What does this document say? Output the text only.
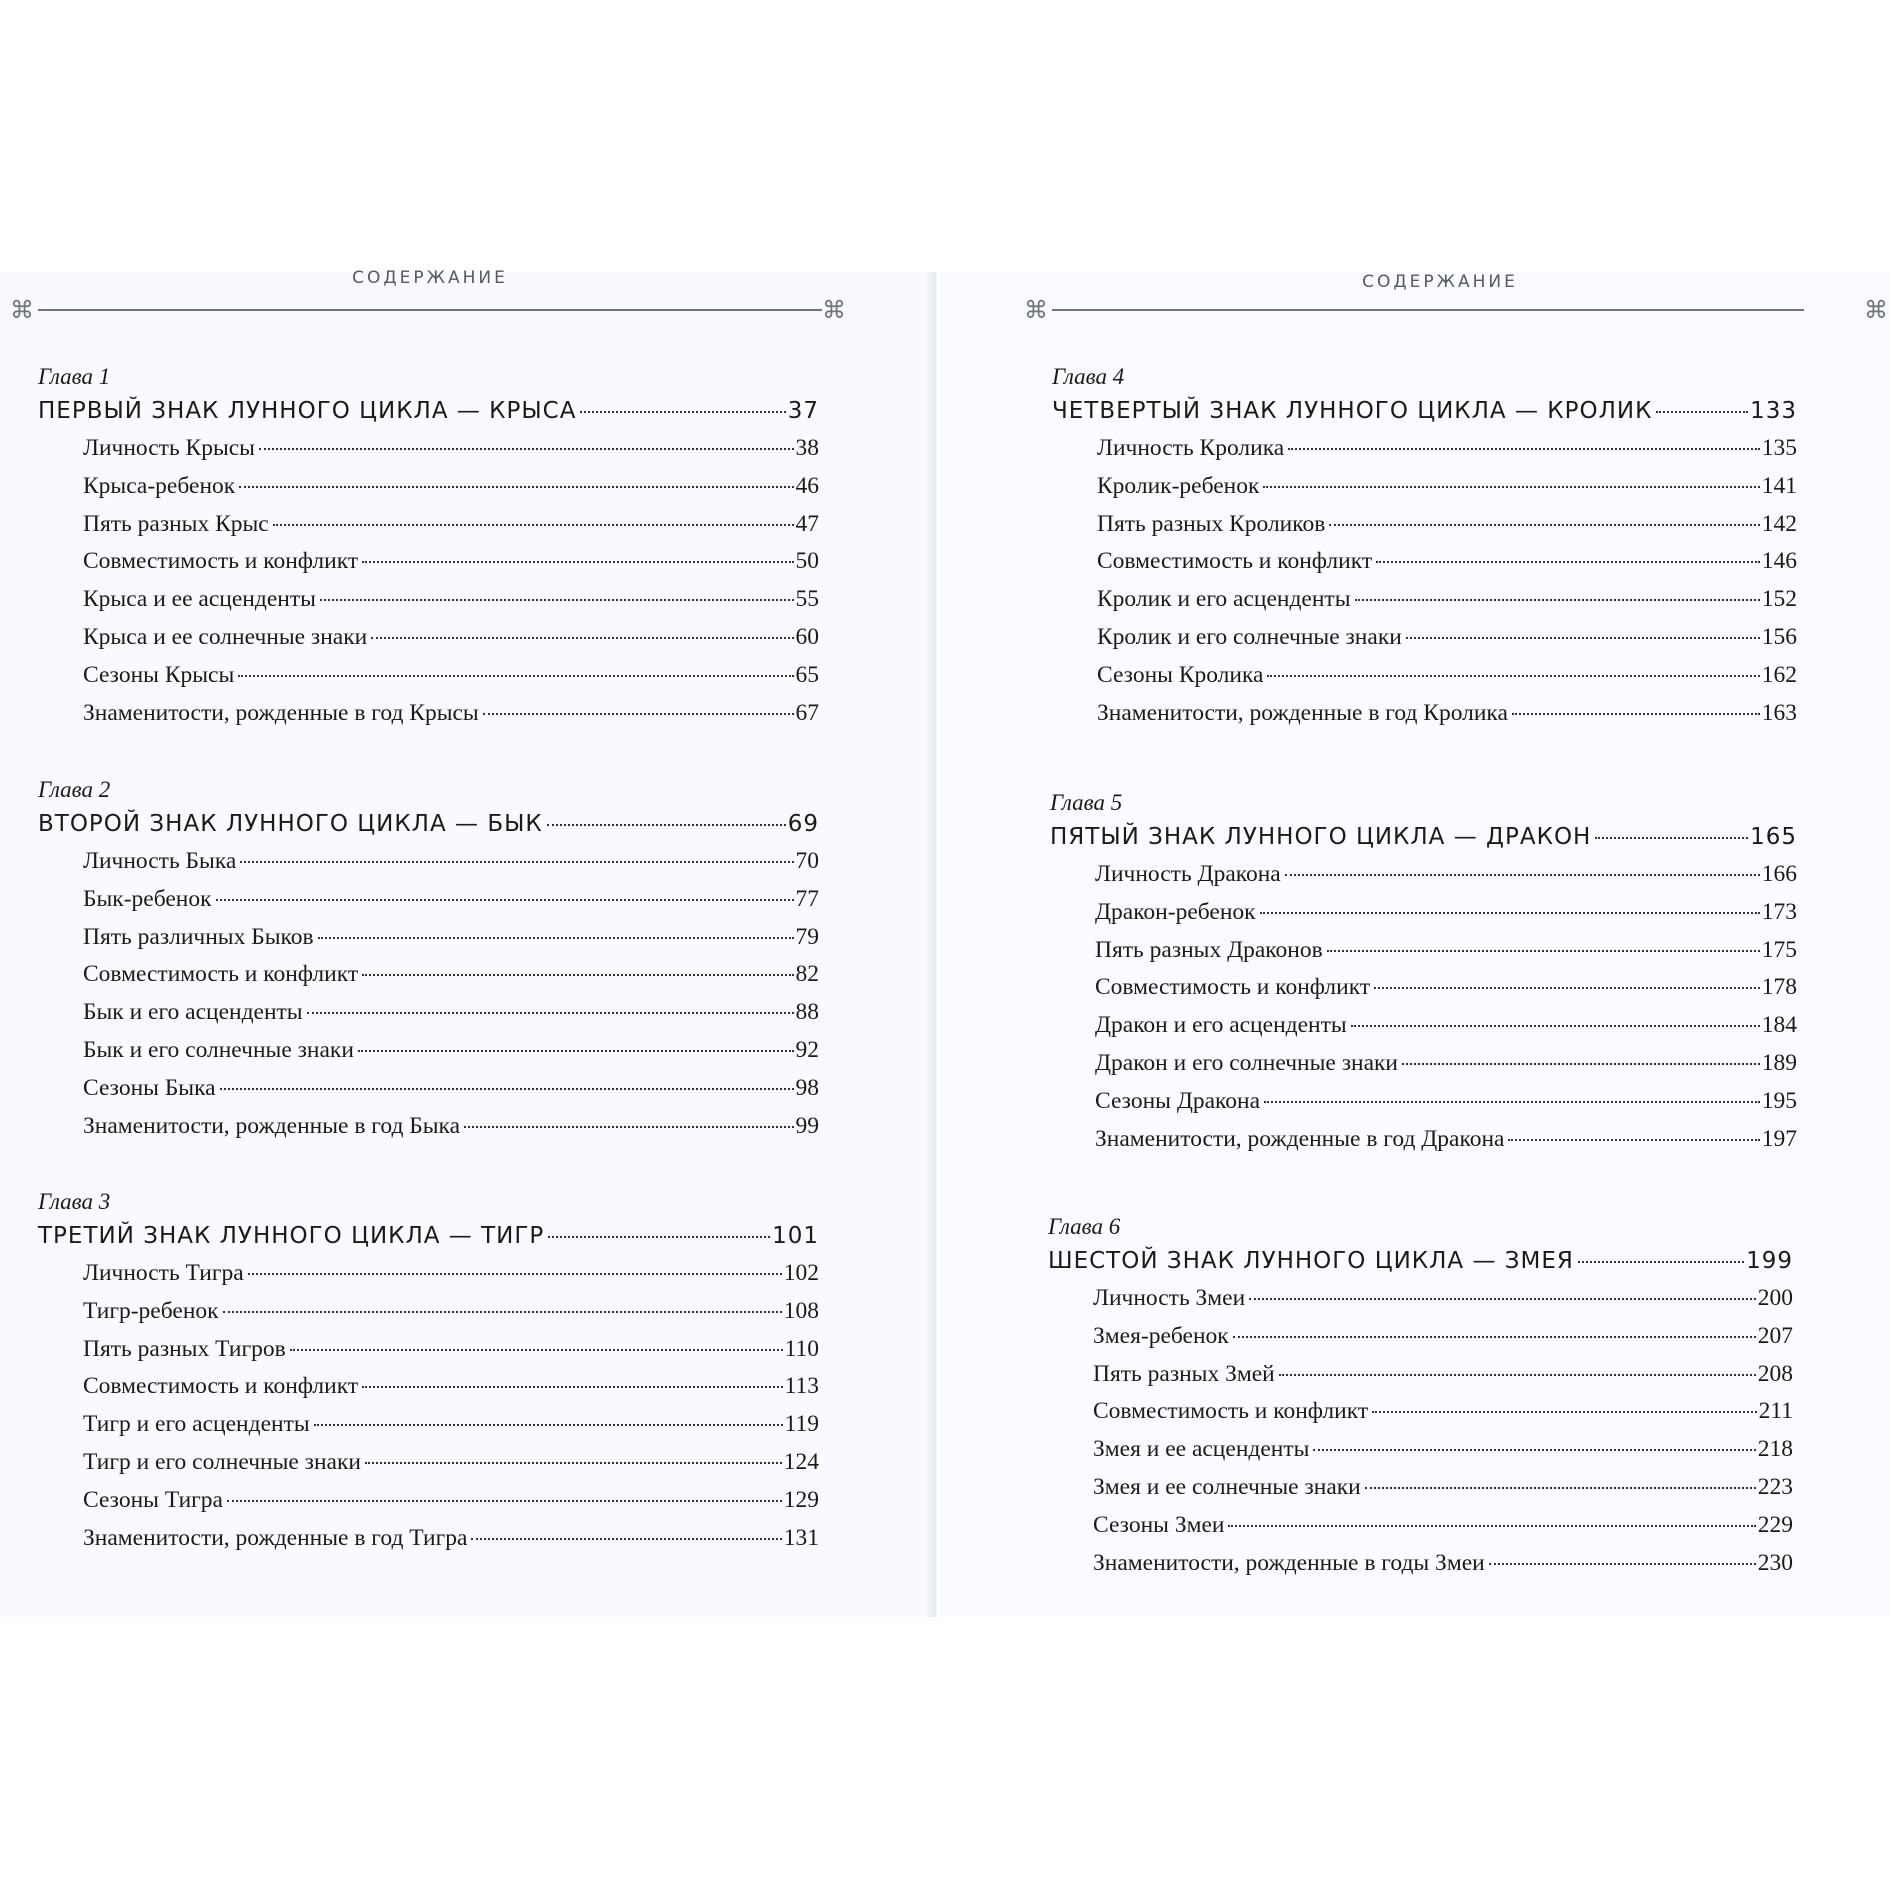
СОДЕРЖАНИЕ
⌘	⌘
Глава 1
ПЕРВЫЙ ЗНАК ЛУННОГО ЦИКЛА — КРЫСА	37
Личность Крысы	38
Крыса-ребенок	46
Пять разных Крыс	47
Совместимость и конфликт	50
Крыса и ее асценденты	55
Крыса и ее солнечные знаки	60
Сезоны Крысы	65
Знаменитости, рожденные в год Крысы	67
Глава 2
ВТОРОЙ ЗНАК ЛУННОГО ЦИКЛА — БЫК	69
Личность Быка	70
Бык-ребенок	77
Пять различных Быков	79
Совместимость и конфликт	82
Бык и его асценденты	88
Бык и его солнечные знаки	92
Сезоны Быка	98
Знаменитости, рожденные в год Быка	99
Глава 3
ТРЕТИЙ ЗНАК ЛУННОГО ЦИКЛА — ТИГР	101
Личность Тигра	102
Тигр-ребенок	108
Пять разных Тигров	110
Совместимость и конфликт	113
Тигр и его асценденты	119
Тигр и его солнечные знаки	124
Сезоны Тигра	129
Знаменитости, рожденные в год Тигра	131
СОДЕРЖАНИЕ
⌘	⌘
Глава 4
ЧЕТВЕРТЫЙ ЗНАК ЛУННОГО ЦИКЛА — КРОЛИК	133
Личность Кролика	135
Кролик-ребенок	141
Пять разных Кроликов	142
Совместимость и конфликт	146
Кролик и его асценденты	152
Кролик и его солнечные знаки	156
Сезоны Кролика	162
Знаменитости, рожденные в год Кролика	163
Глава 5
ПЯТЫЙ ЗНАК ЛУННОГО ЦИКЛА — ДРАКОН	165
Личность Дракона	166
Дракон-ребенок	173
Пять разных Драконов	175
Совместимость и конфликт	178
Дракон и его асценденты	184
Дракон и его солнечные знаки	189
Сезоны Дракона	195
Знаменитости, рожденные в год Дракона	197
Глава 6
ШЕСТОЙ ЗНАК ЛУННОГО ЦИКЛА — ЗМЕЯ	199
Личность Змеи	200
Змея-ребенок	207
Пять разных Змей	208
Совместимость и конфликт	211
Змея и ее асценденты	218
Змея и ее солнечные знаки	223
Сезоны Змеи	229
Знаменитости, рожденные в годы Змеи	230
